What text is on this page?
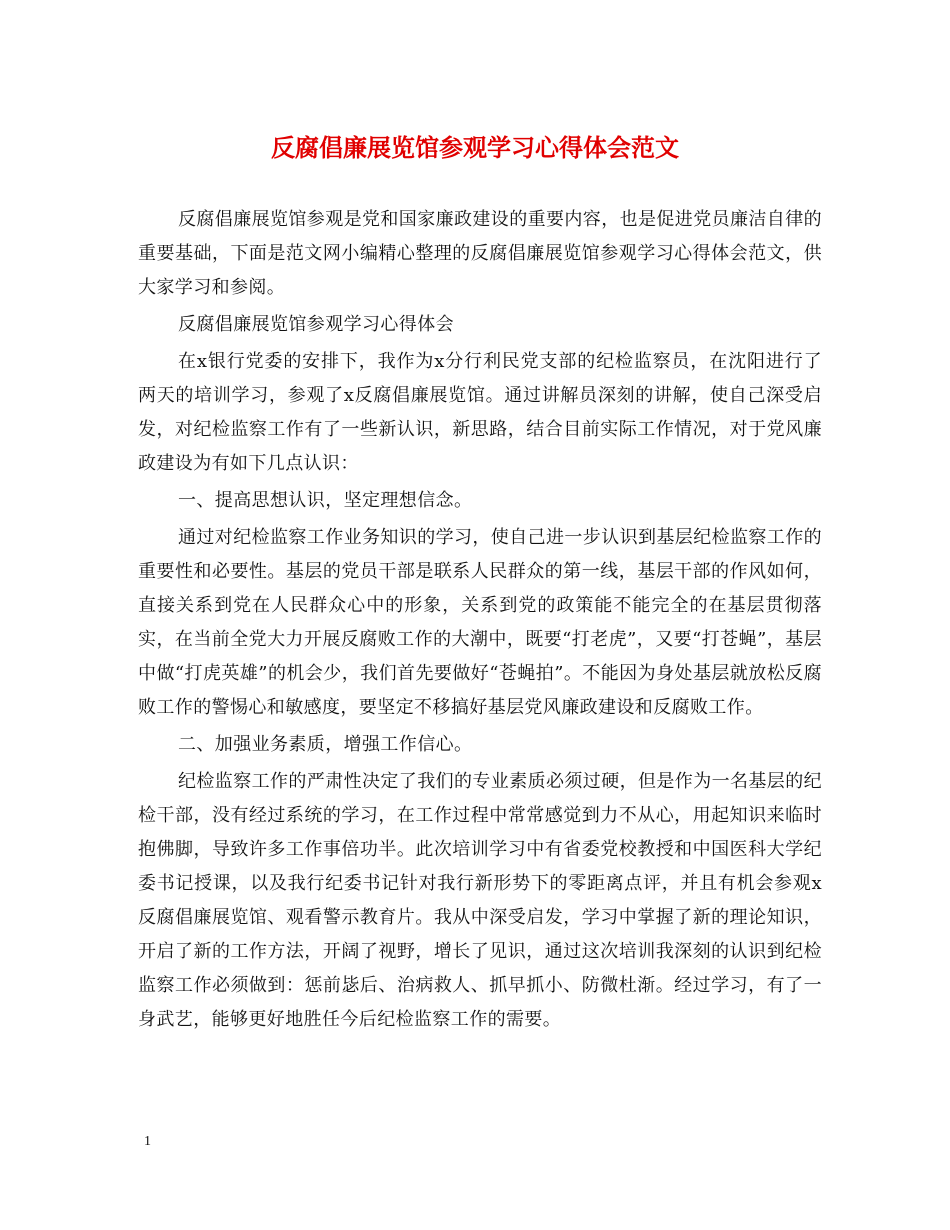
反腐倡廉展览馆参观学习心得体会范文

反腐倡廉展览馆参观是党和国家廉政建设的重要内容，也是促进党员廉洁自律的重要基础，下面是范文网小编精心整理的反腐倡廉展览馆参观学习心得体会范文，供大家学习和参阅。

反腐倡廉展览馆参观学习心得体会

在x银行党委的安排下，我作为x分行利民党支部的纪检监察员，在沈阳进行了两天的培训学习，参观了x反腐倡廉展览馆。通过讲解员深刻的讲解，使自己深受启发，对纪检监察工作有了一些新认识，新思路，结合目前实际工作情况，对于党风廉政建设为有如下几点认识：

一、提高思想认识，坚定理想信念。

通过对纪检监察工作业务知识的学习，使自己进一步认识到基层纪检监察工作的重要性和必要性。基层的党员干部是联系人民群众的第一线，基层干部的作风如何，直接关系到党在人民群众心中的形象，关系到党的政策能不能完全的在基层贯彻落实，在当前全党大力开展反腐败工作的大潮中，既要“打老虎”，又要“打苍蝇”，基层中做“打虎英雄”的机会少，我们首先要做好“苍蝇拍”。不能因为身处基层就放松反腐败工作的警惕心和敏感度，要坚定不移搞好基层党风廉政建设和反腐败工作。

二、加强业务素质，增强工作信心。

纪检监察工作的严肃性决定了我们的专业素质必须过硬，但是作为一名基层的纪检干部，没有经过系统的学习，在工作过程中常常感觉到力不从心，用起知识来临时抱佛脚，导致许多工作事倍功半。此次培训学习中有省委党校教授和中国医科大学纪委书记授课，以及我行纪委书记针对我行新形势下的零距离点评，并且有机会参观x反腐倡廉展览馆、观看警示教育片。我从中深受启发，学习中掌握了新的理论知识，开启了新的工作方法，开阔了视野，增长了见识，通过这次培训我深刻的认识到纪检监察工作必须做到：惩前毖后、治病救人、抓早抓小、防微杜渐。经过学习，有了一身武艺，能够更好地胜任今后纪检监察工作的需要。

1
